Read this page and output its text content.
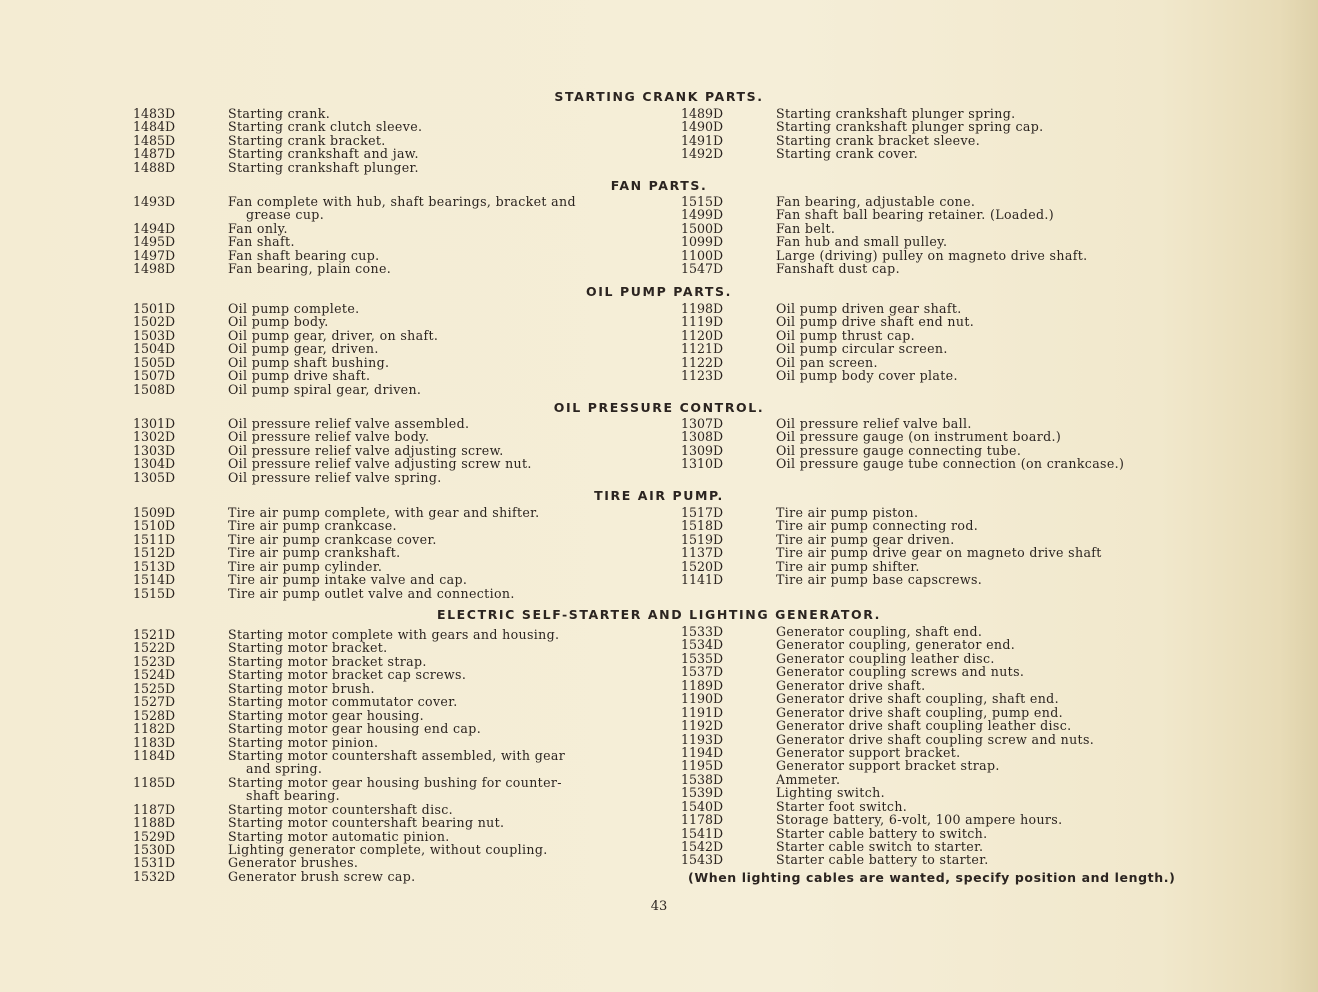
STARTING CRANK PARTS.
1483D	Starting crank.
1484D	Starting crank clutch sleeve.
1485D	Starting crank bracket.
1487D	Starting crankshaft and jaw.
1488D	Starting crankshaft plunger.
1489D	Starting crankshaft plunger spring.
1490D	Starting crankshaft plunger spring cap.
1491D	Starting crank bracket sleeve.
1492D	Starting crank cover.
FAN PARTS.
1493D	Fan complete with hub, shaft bearings, bracket and
grease cup.
1494D	Fan only.
1495D	Fan shaft.
1497D	Fan shaft bearing cup.
1498D	Fan bearing, plain cone.
1515D	Fan bearing, adjustable cone.
1499D	Fan shaft ball bearing retainer. (Loaded.)
1500D	Fan belt.
1099D	Fan hub and small pulley.
1100D	Large (driving) pulley on magneto drive shaft.
1547D	Fanshaft dust cap.
OIL PUMP PARTS.
1501D	Oil pump complete.
1502D	Oil pump body.
1503D	Oil pump gear, driver, on shaft.
1504D	Oil pump gear, driven.
1505D	Oil pump shaft bushing.
1507D	Oil pump drive shaft.
1508D	Oil pump spiral gear, driven.
1198D	Oil pump driven gear shaft.
1119D	Oil pump drive shaft end nut.
1120D	Oil pump thrust cap.
1121D	Oil pump circular screen.
1122D	Oil pan screen.
1123D	Oil pump body cover plate.
OIL PRESSURE CONTROL.
1301D	Oil pressure relief valve assembled.
1302D	Oil pressure relief valve body.
1303D	Oil pressure relief valve adjusting screw.
1304D	Oil pressure relief valve adjusting screw nut.
1305D	Oil pressure relief valve spring.
1307D	Oil pressure relief valve ball.
1308D	Oil pressure gauge (on instrument board.)
1309D	Oil pressure gauge connecting tube.
1310D	Oil pressure gauge tube connection (on crankcase.)
TIRE AIR PUMP.
1509D	Tire air pump complete, with gear and shifter.
1510D	Tire air pump crankcase.
1511D	Tire air pump crankcase cover.
1512D	Tire air pump crankshaft.
1513D	Tire air pump cylinder.
1514D	Tire air pump intake valve and cap.
1515D	Tire air pump outlet valve and connection.
1517D	Tire air pump piston.
1518D	Tire air pump connecting rod.
1519D	Tire air pump gear driven.
1137D	Tire air pump drive gear on magneto drive shaft
1520D	Tire air pump shifter.
1141D	Tire air pump base capscrews.
ELECTRIC SELF-STARTER AND LIGHTING GENERATOR.
1521D	Starting motor complete with gears and housing.
1522D	Starting motor bracket.
1523D	Starting motor bracket strap.
1524D	Starting motor bracket cap screws.
1525D	Starting motor brush.
1527D	Starting motor commutator cover.
1528D	Starting motor gear housing.
1182D	Starting motor gear housing end cap.
1183D	Starting motor pinion.
1184D	Starting motor countershaft assembled, with gear
and spring.
1185D	Starting motor gear housing bushing for counter-
shaft bearing.
1187D	Starting motor countershaft disc.
1188D	Starting motor countershaft bearing nut.
1529D	Starting motor automatic pinion.
1530D	Lighting generator complete, without coupling.
1531D	Generator brushes.
1532D	Generator brush screw cap.
1533D	Generator coupling, shaft end.
1534D	Generator coupling, generator end.
1535D	Generator coupling leather disc.
1537D	Generator coupling screws and nuts.
1189D	Generator drive shaft.
1190D	Generator drive shaft coupling, shaft end.
1191D	Generator drive shaft coupling, pump end.
1192D	Generator drive shaft coupling leather disc.
1193D	Generator drive shaft coupling screw and nuts.
1194D	Generator support bracket.
1195D	Generator support bracket strap.
1538D	Ammeter.
1539D	Lighting switch.
1540D	Starter foot switch.
1178D	Storage battery, 6-volt, 100 ampere hours.
1541D	Starter cable battery to switch.
1542D	Starter cable switch to starter.
1543D	Starter cable battery to starter.
(When lighting cables are wanted, specify position and length.)
43
